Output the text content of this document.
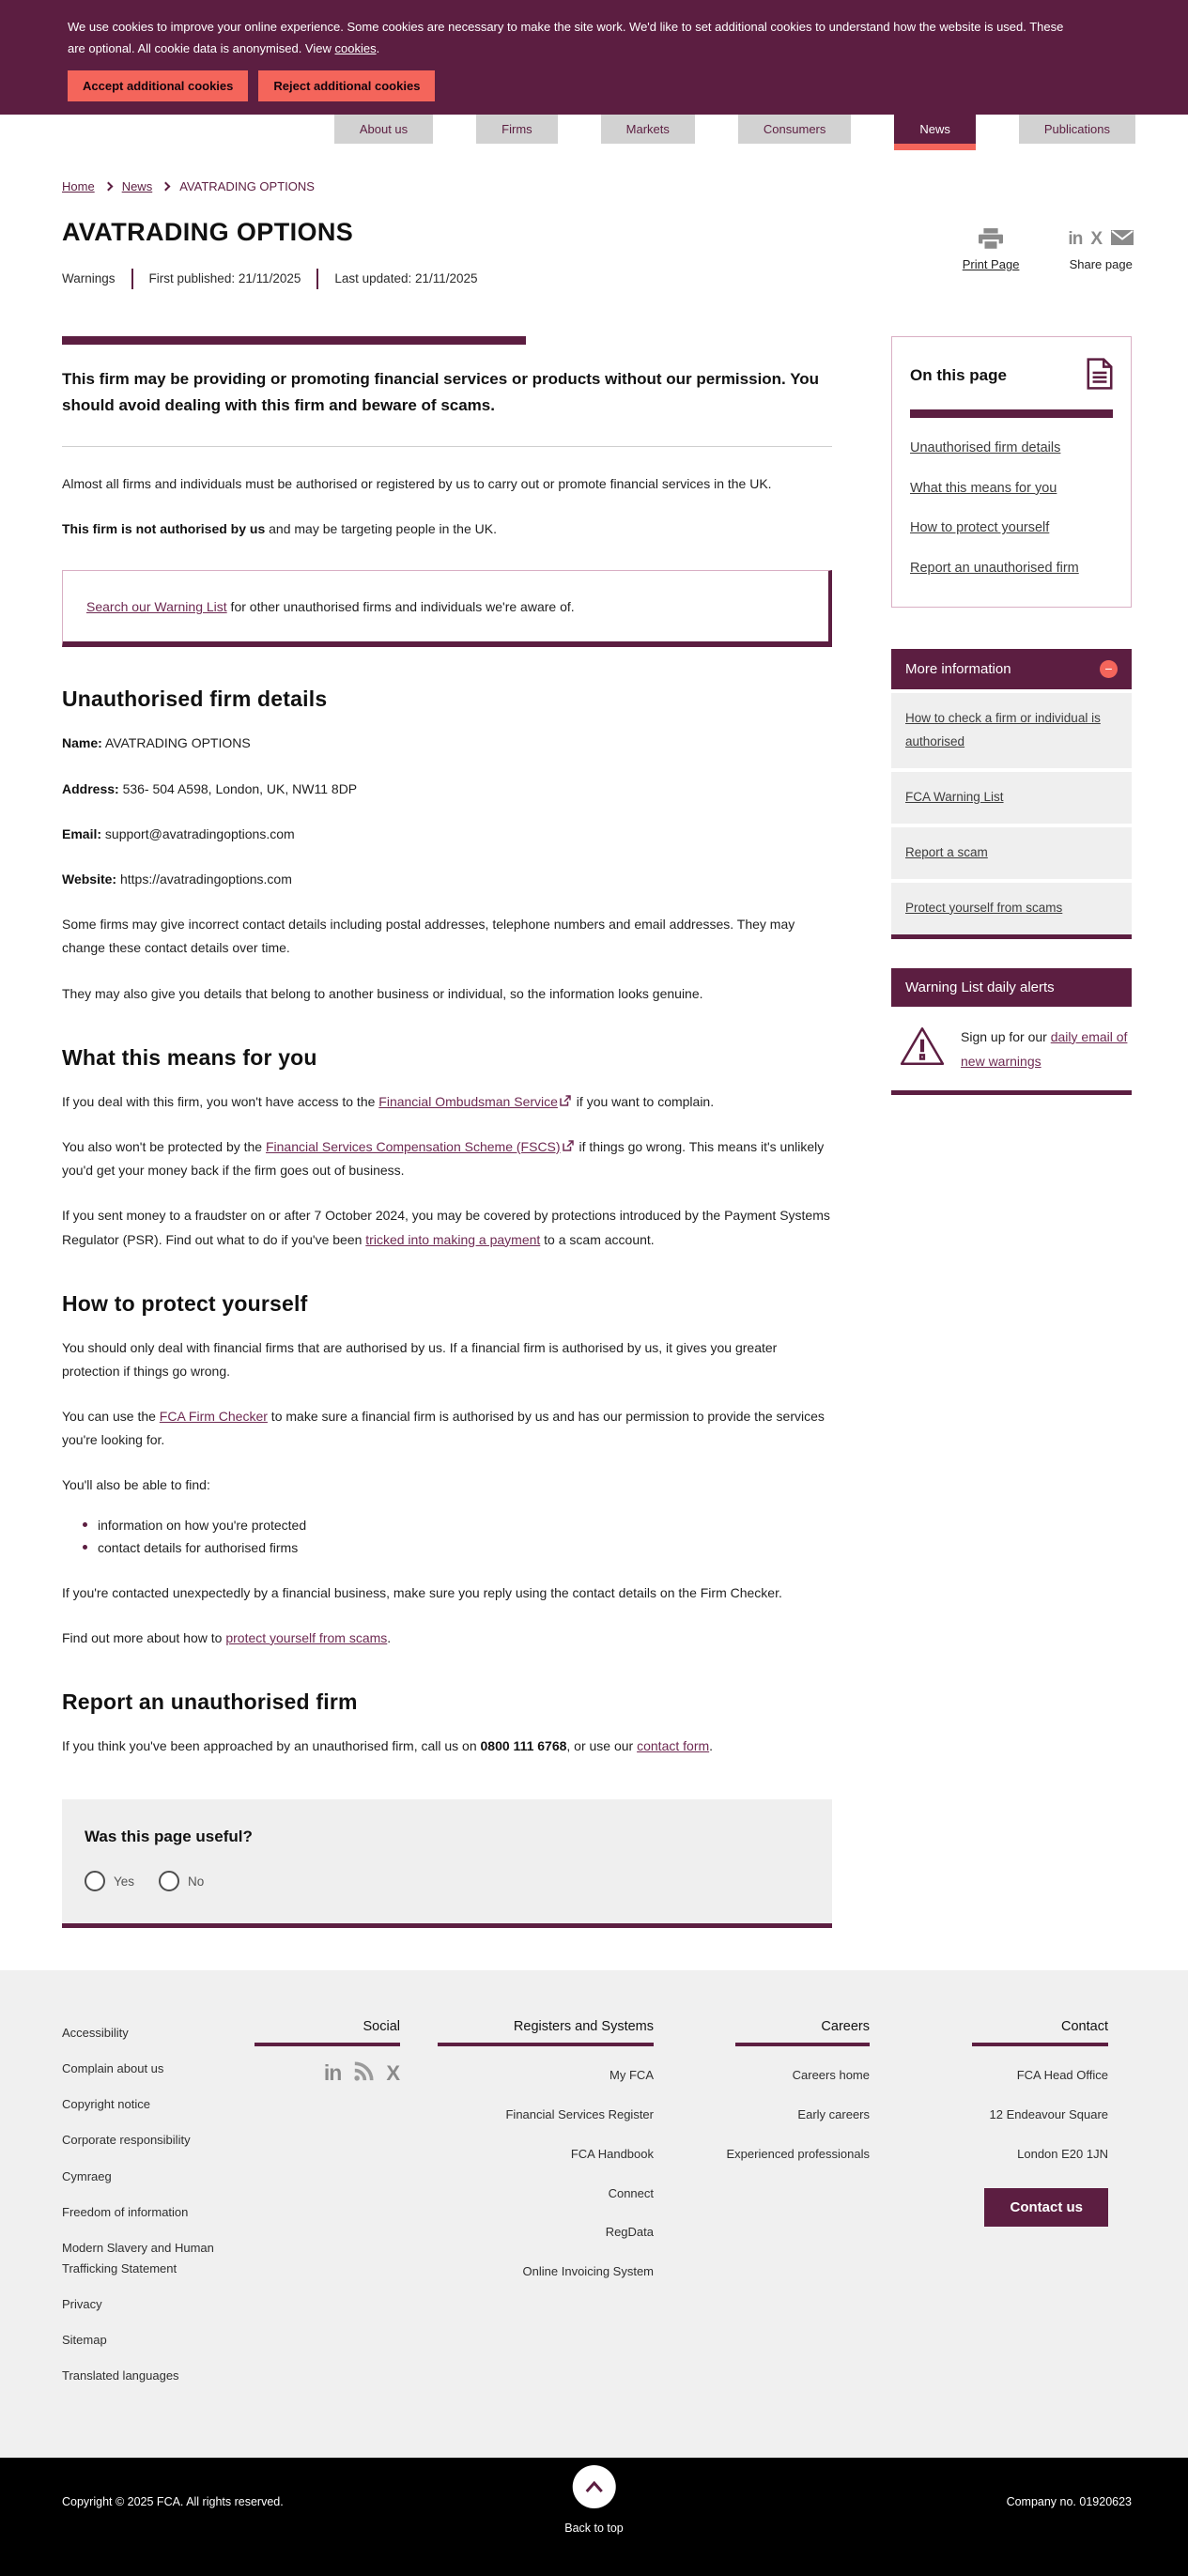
We use cookies to improve your online experience. Some cookies are necessary to make the site work. We'd like to set additional cookies to understand how the website is used. These are optional. All cookie data is anonymised. View cookies.

Accept additional cookies	Reject additional cookies
About us	Firms	Markets	Consumers	News	Publications
Home News AVATRADING OPTIONS
AVATRADING OPTIONS
Warnings	First published: 21/11/2025	Last updated: 21/11/2025
Print Page
in X
Share page

This firm may be providing or promoting financial services or products without our permission. You should avoid dealing with this firm and beware of scams.

Almost all firms and individuals must be authorised or registered by us to carry out or promote financial services in the UK.

This firm is not authorised by us and may be targeting people in the UK.

Search our Warning List for other unauthorised firms and individuals we're aware of.

Unauthorised firm details

Name: AVATRADING OPTIONS

Address: 536- 504 A598, London, UK, NW11 8DP

Email: support@avatradingoptions.com

Website: https://avatradingoptions.com

Some firms may give incorrect contact details including postal addresses, telephone numbers and email addresses. They may change these contact details over time.

They may also give you details that belong to another business or individual, so the information looks genuine.

What this means for you

If you deal with this firm, you won't have access to the Financial Ombudsman Service if you want to complain.

You also won't be protected by the Financial Services Compensation Scheme (FSCS) if things go wrong. This means it's unlikely you'd get your money back if the firm goes out of business.

If you sent money to a fraudster on or after 7 October 2024, you may be covered by protections introduced by the Payment Systems Regulator (PSR). Find out what to do if you've been tricked into making a payment to a scam account.

How to protect yourself

You should only deal with financial firms that are authorised by us. If a financial firm is authorised by us, it gives you greater protection if things go wrong.

You can use the FCA Firm Checker to make sure a financial firm is authorised by us and has our permission to provide the services you're looking for.

You'll also be able to find:

information on how you're protected
contact details for authorised firms

If you're contacted unexpectedly by a financial business, make sure you reply using the contact details on the Firm Checker.

Find out more about how to protect yourself from scams.

Report an unauthorised firm

If you think you've been approached by an unauthorised firm, call us on 0800 111 6768, or use our contact form.

Was this page useful?
Yes	No
On this page
Unauthorised firm details
What this means for you
How to protect yourself
Report an unauthorised firm
More information	−
How to check a firm or individual is authorised
FCA Warning List
Report a scam
Protect yourself from scams
Warning List daily alerts
Sign up for our daily email of new warnings
Accessibility
Complain about us
Copyright notice
Corporate responsibility
Cymraeg
Freedom of information
Modern Slavery and Human Trafficking Statement
Privacy
Sitemap
Translated languages
Social
in X
Registers and Systems
My FCA
Financial Services Register
FCA Handbook
Connect
RegData
Online Invoicing System
Careers
Careers home
Early careers
Experienced professionals
Contact
FCA Head Office
12 Endeavour Square
London E20 1JN
Contact us
Copyright © 2025 FCA. All rights reserved.
Back to top
Company no. 01920623
